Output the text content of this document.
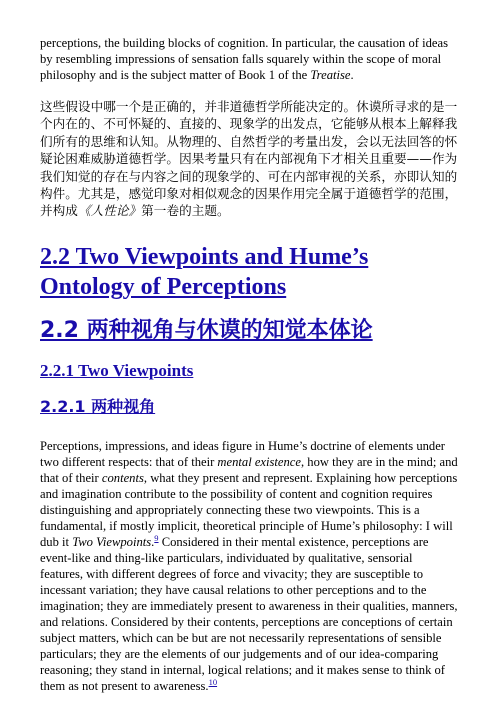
perceptions, the building blocks of cognition. In particular, the causation of ideas by resembling impressions of sensation falls squarely within the scope of moral philosophy and is the subject matter of Book 1 of the Treatise.

这些假设中哪一个是正确的，并非道德哲学所能决定的。休谟所寻求的是一个内在的、不可怀疑的、直接的、现象学的出发点，它能够从根本上解释我们所有的思维和认知。从物理的、自然哲学的考量出发，会以无法回答的怀疑论困难威胁道德哲学。因果考量只有在内部视角下才相关且重要——作为我们知觉的存在与内容之间的现象学的、可在内部审视的关系，亦即认知的构件。尤其是，感觉印象对相似观念的因果作用完全属于道德哲学的范围，并构成《人性论》第一卷的主题。

2.2 Two Viewpoints and Hume’s Ontology of Perceptions
2.2 两种视角与休谟的知觉本体论
2.2.1 Two Viewpoints
2.2.1 两种视角

Perceptions, impressions, and ideas figure in Hume’s doctrine of elements under two different respects: that of their mental existence, how they are in the mind; and that of their contents, what they present and represent. Explaining how perceptions and imagination contribute to the possibility of content and cognition requires distinguishing and appropriately connecting these two viewpoints. This is a fundamental, if mostly implicit, theoretical principle of Hume’s philosophy: I will dub it Two Viewpoints.$^9$ Considered in their mental existence, perceptions are event-like and thing-like particulars, individuated by qualitative, sensorial features, with different degrees of force and vivacity; they are susceptible to incessant variation; they have causal relations to other perceptions and to the imagination; they are immediately present to awareness in their qualities, manners, and relations. Considered by their contents, perceptions are conceptions of certain subject matters, which can be but are not necessarily representations of sensible particulars; they are the elements of our judgements and of our idea-comparing reasoning; they stand in internal, logical relations; and it makes sense to think of them as not present to awareness.$^{10}$
